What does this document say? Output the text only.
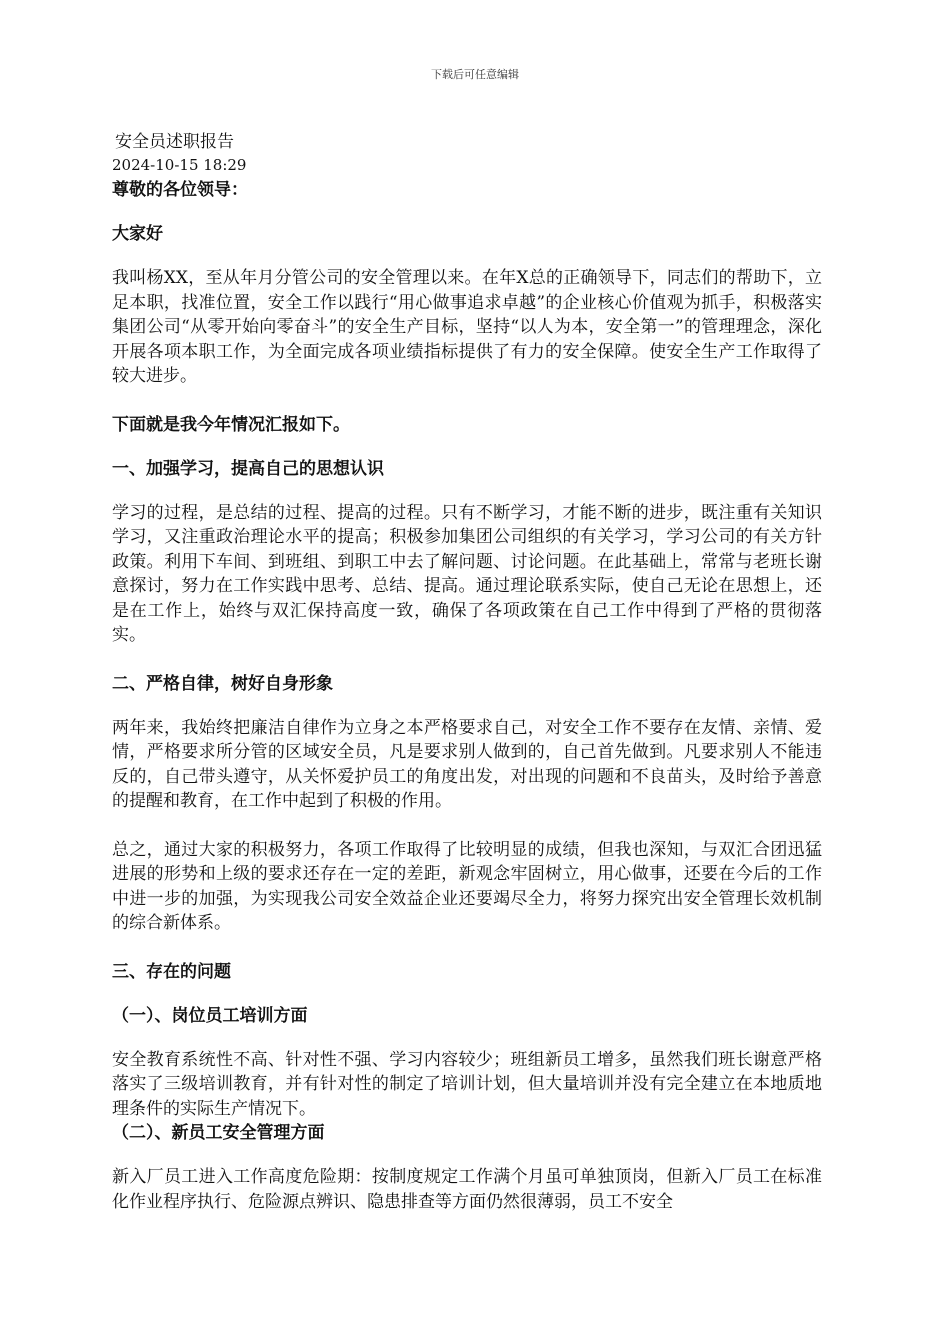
下载后可任意编辑
安全员述职报告
2024-10-15 18:29
尊敬的各位领导：
大家好

我叫杨XX，至从年月分管公司的安全管理以来。在年X总的正确领导下，同志们的帮助下，立足本职，找准位置，安全工作以践行“用心做事追求卓越”的企业核心价值观为抓手，积极落实集团公司“从零开始向零奋斗”的安全生产目标，坚持“以人为本，安全第一”的管理理念，深化开展各项本职工作，为全面完成各项业绩指标提供了有力的安全保障。使安全生产工作取得了较大进步。

下面就是我今年情况汇报如下。
一、加强学习，提高自己的思想认识

学习的过程，是总结的过程、提高的过程。只有不断学习，才能不断的进步，既注重有关知识学习，又注重政治理论水平的提高；积极参加集团公司组织的有关学习，学习公司的有关方针政策。利用下车间、到班组、到职工中去了解问题、讨论问题。在此基础上，常常与老班长谢意探讨，努力在工作实践中思考、总结、提高。通过理论联系实际，使自己无论在思想上，还是在工作上，始终与双汇保持高度一致，确保了各项政策在自己工作中得到了严格的贯彻落实。

二、严格自律，树好自身形象

两年来，我始终把廉洁自律作为立身之本严格要求自己，对安全工作不要存在友情、亲情、爱情，严格要求所分管的区域安全员，凡是要求别人做到的，自己首先做到。凡要求别人不能违反的，自己带头遵守，从关怀爱护员工的角度出发，对出现的问题和不良苗头，及时给予善意的提醒和教育，在工作中起到了积极的作用。

总之，通过大家的积极努力，各项工作取得了比较明显的成绩，但我也深知，与双汇合团迅猛进展的形势和上级的要求还存在一定的差距，新观念牢固树立，用心做事，还要在今后的工作中进一步的加强，为实现我公司安全效益企业还要竭尽全力，将努力探究出安全管理长效机制的综合新体系。

三、存在的问题
（一）、岗位员工培训方面

安全教育系统性不高、针对性不强、学习内容较少；班组新员工增多，虽然我们班长谢意严格落实了三级培训教育，并有针对性的制定了培训计划，但大量培训并没有完全建立在本地质地理条件的实际生产情况下。

（二）、新员工安全管理方面

新入厂员工进入工作高度危险期：按制度规定工作满个月虽可单独顶岗，但新入厂员工在标准化作业程序执行、危险源点辨识、隐患排查等方面仍然很薄弱，员工不安全
